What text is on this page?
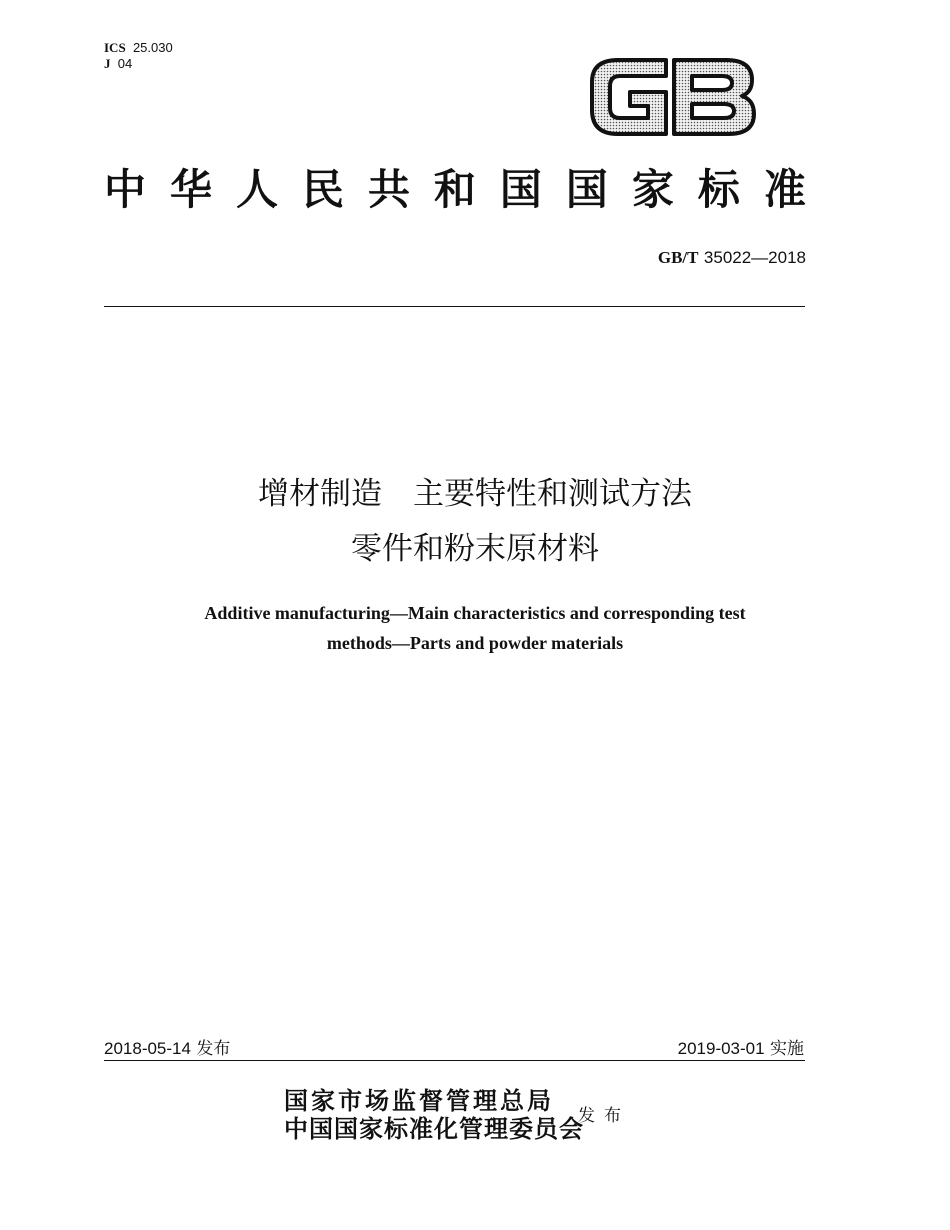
ICS 25.030
J 04
GB
中 华 人 民 共 和 国 国 家 标 准
GB/T 35022—2018
增材制造　主要特性和测试方法
零件和粉末原材料
Additive manufacturing—Main characteristics and corresponding test
methods—Parts and powder materials
2018-05-14 发布	2019-03-01 实施
国家市场监督管理总局
中国国家标准化管理委员会
发布
